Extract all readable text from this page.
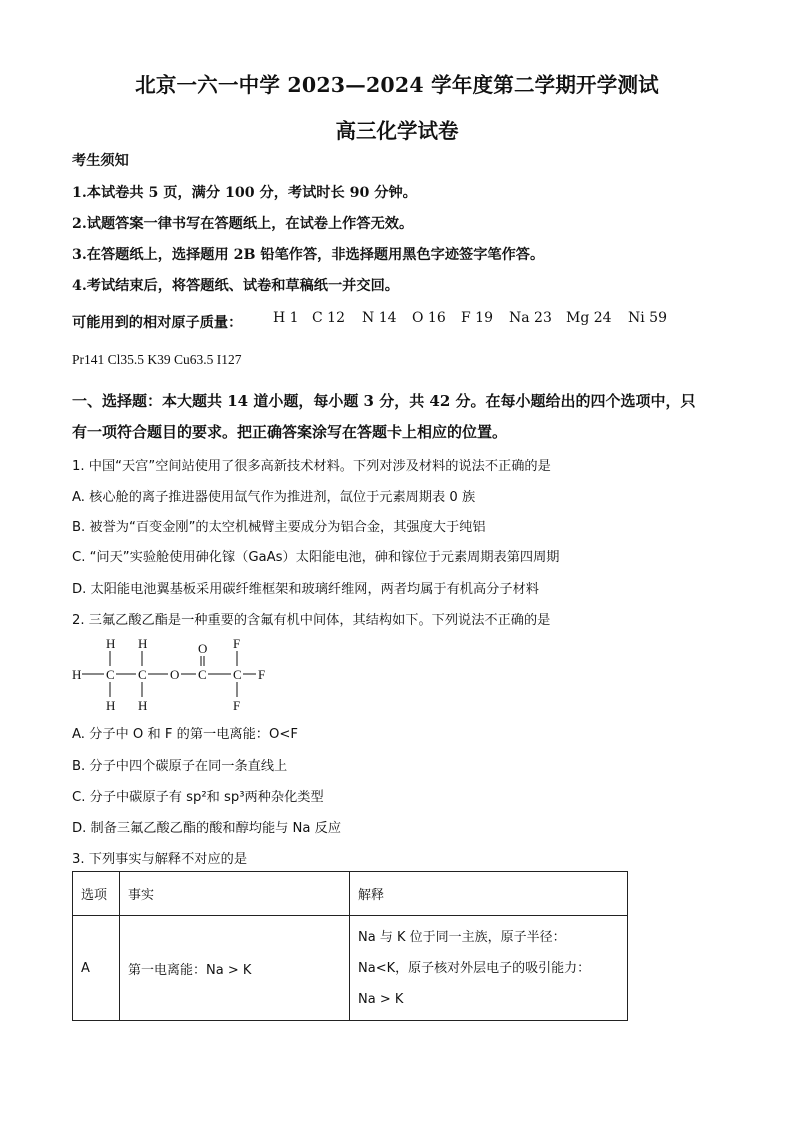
北京一六一中学 2023—2024 学年度第二学期开学测试
高三化学试卷
考生须知
1.本试卷共 5 页，满分 100 分，考试时长 90 分钟。
2.试题答案一律书写在答题纸上，在试卷上作答无效。
3.在答题纸上，选择题用 2B 铅笔作答，非选择题用黑色字迹签字笔作答。
4.考试结束后，将答题纸、试卷和草稿纸一并交回。
可能用到的相对原子质量： H 1 C 12 N 14 O 16 F 19 Na 23 Mg 24 Ni 59
Pr141 Cl35.5 K39 Cu63.5 I127
一、选择题：本大题共 14 道小题，每小题 3 分，共 42 分。在每小题给出的四个选项中，只
有一项符合题目的要求。把正确答案涂写在答题卡上相应的位置。
1. 中国“天宫”空间站使用了很多高新技术材料。下列对涉及材料的说法不正确的是
A. 核心舱的离子推进器使用氙气作为推进剂，氙位于元素周期表 0 族
B. 被誉为“百变金刚”的太空机械臂主要成分为铝合金，其强度大于纯铝
C. “问天”实验舱使用砷化镓（GaAs）太阳能电池，砷和镓位于元素周期表第四周期
D. 太阳能电池翼基板采用碳纤维框架和玻璃纤维网，两者均属于有机高分子材料
2. 三氟乙酸乙酯是一种重要的含氟有机中间体，其结构如下。下列说法不正确的是
H H
H C C O C
O
C
F
F
F
H H
A. 分子中 O 和 F 的第一电离能：O<F
B. 分子中四个碳原子在同一条直线上
C. 分子中碳原子有 sp²和 sp³两种杂化类型
D. 制备三氟乙酸乙酯的酸和醇均能与 Na 反应
3. 下列事实与解释不对应的是
选项	事实	解释
A	第一电离能：Na > K	Na 与 K 位于同一主族，原子半径：
Na<K，原子核对外层电子的吸引能力：
Na > K
